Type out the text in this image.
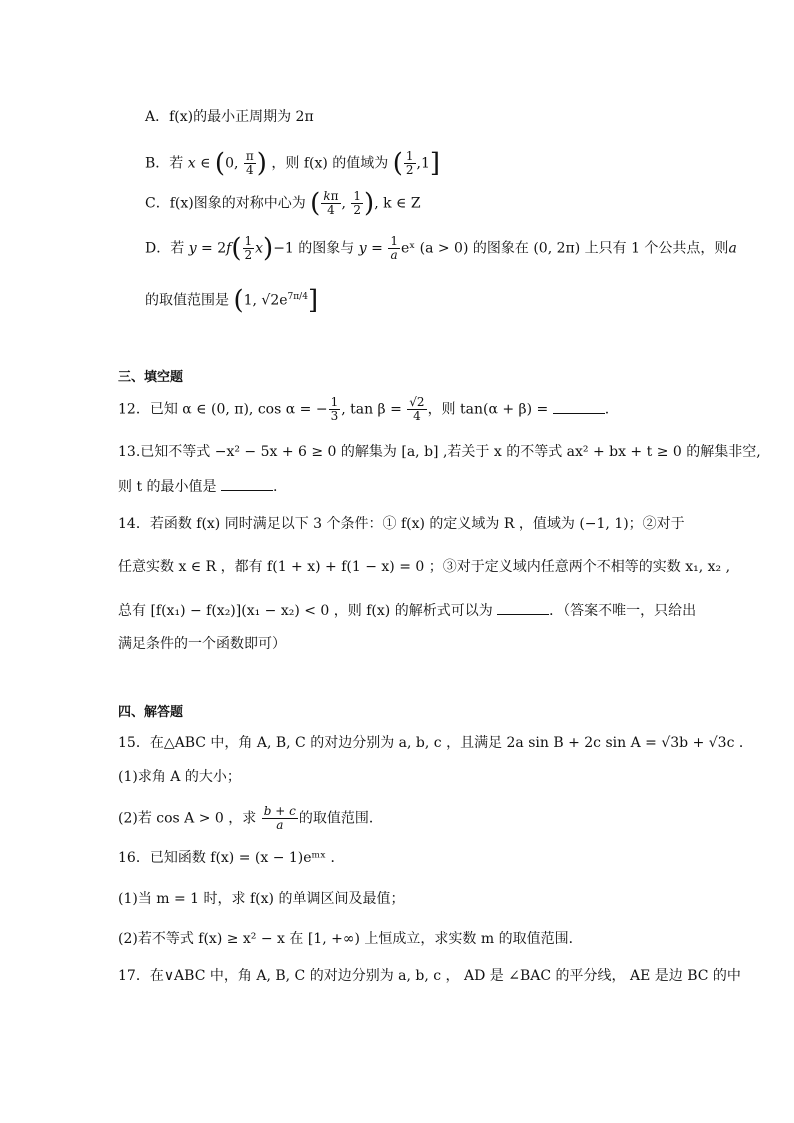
A．f(x)的最小正周期为 2π
B．若 x ∈ (0, $\frac{\pi}{4}$ ) ，则 f(x) 的值域为 ( $\frac{1}{2} ,1$]
C．f(x)图象的对称中心为 ( $\frac{k\pi}{4}$ , $\frac{1}{2}$ ), k ∈ Z
D．若 $y = 2f( \frac{1}{2} x)-1$ 的图象与 $y = \frac{1}{a}$ eˣ (a > 0) 的图象在 (0, 2π) 上只有 1 个公共点，则a
的取值范围是 (1, $√2e^{7\pi/4}$]
三、填空题
12．已知 α ∈ (0, π), cos α = − $\frac{1}{3}$ , $\tan \beta = \frac{√2}{4}$ ，则 tan(α + β) =	.
13.已知不等式 −x² − 5x + 6 ≥ 0 的解集为 [a, b] ,若关于 x 的不等式 ax² + bx + t ≥ 0 的解集非空,
则 t 的最小值是	.
14．若函数 f(x) 同时满足以下 3 个条件：① f(x) 的定义域为 R ，值域为 (−1, 1)；②对于
任意实数 x ∈ R ，都有 f(1 + x) + f(1 − x) = 0 ；③对于定义域内任意两个不相等的实数 x₁, x₂ ,
总有 [f(x₁) − f(x₂)](x₁ − x₂) < 0 ，则 f(x) 的解析式可以为	．（答案不唯一，只给出
满足条件的一个函数即可）
四、解答题
15．在△ABC 中，角 A, B, C 的对边分别为 a, b, c ，且满足 2a sin B + 2c sin A = √3b + √3c ．
(1)求角 A 的大小；
(2)若 cos A > 0 ，求 $\frac{b + c}{a}$ 的取值范围．
16．已知函数 f(x) = (x − 1)eᵐˣ ．
(1)当 m = 1 时，求 f(x) 的单调区间及最值；
(2)若不等式 f(x) ≥ x² − x 在 [1, +∞) 上恒成立，求实数 m 的取值范围．
17．在∨ABC 中，角 A, B, C 的对边分别为 a, b, c ， AD 是 ∠BAC 的平分线， AE 是边 BC 的中
